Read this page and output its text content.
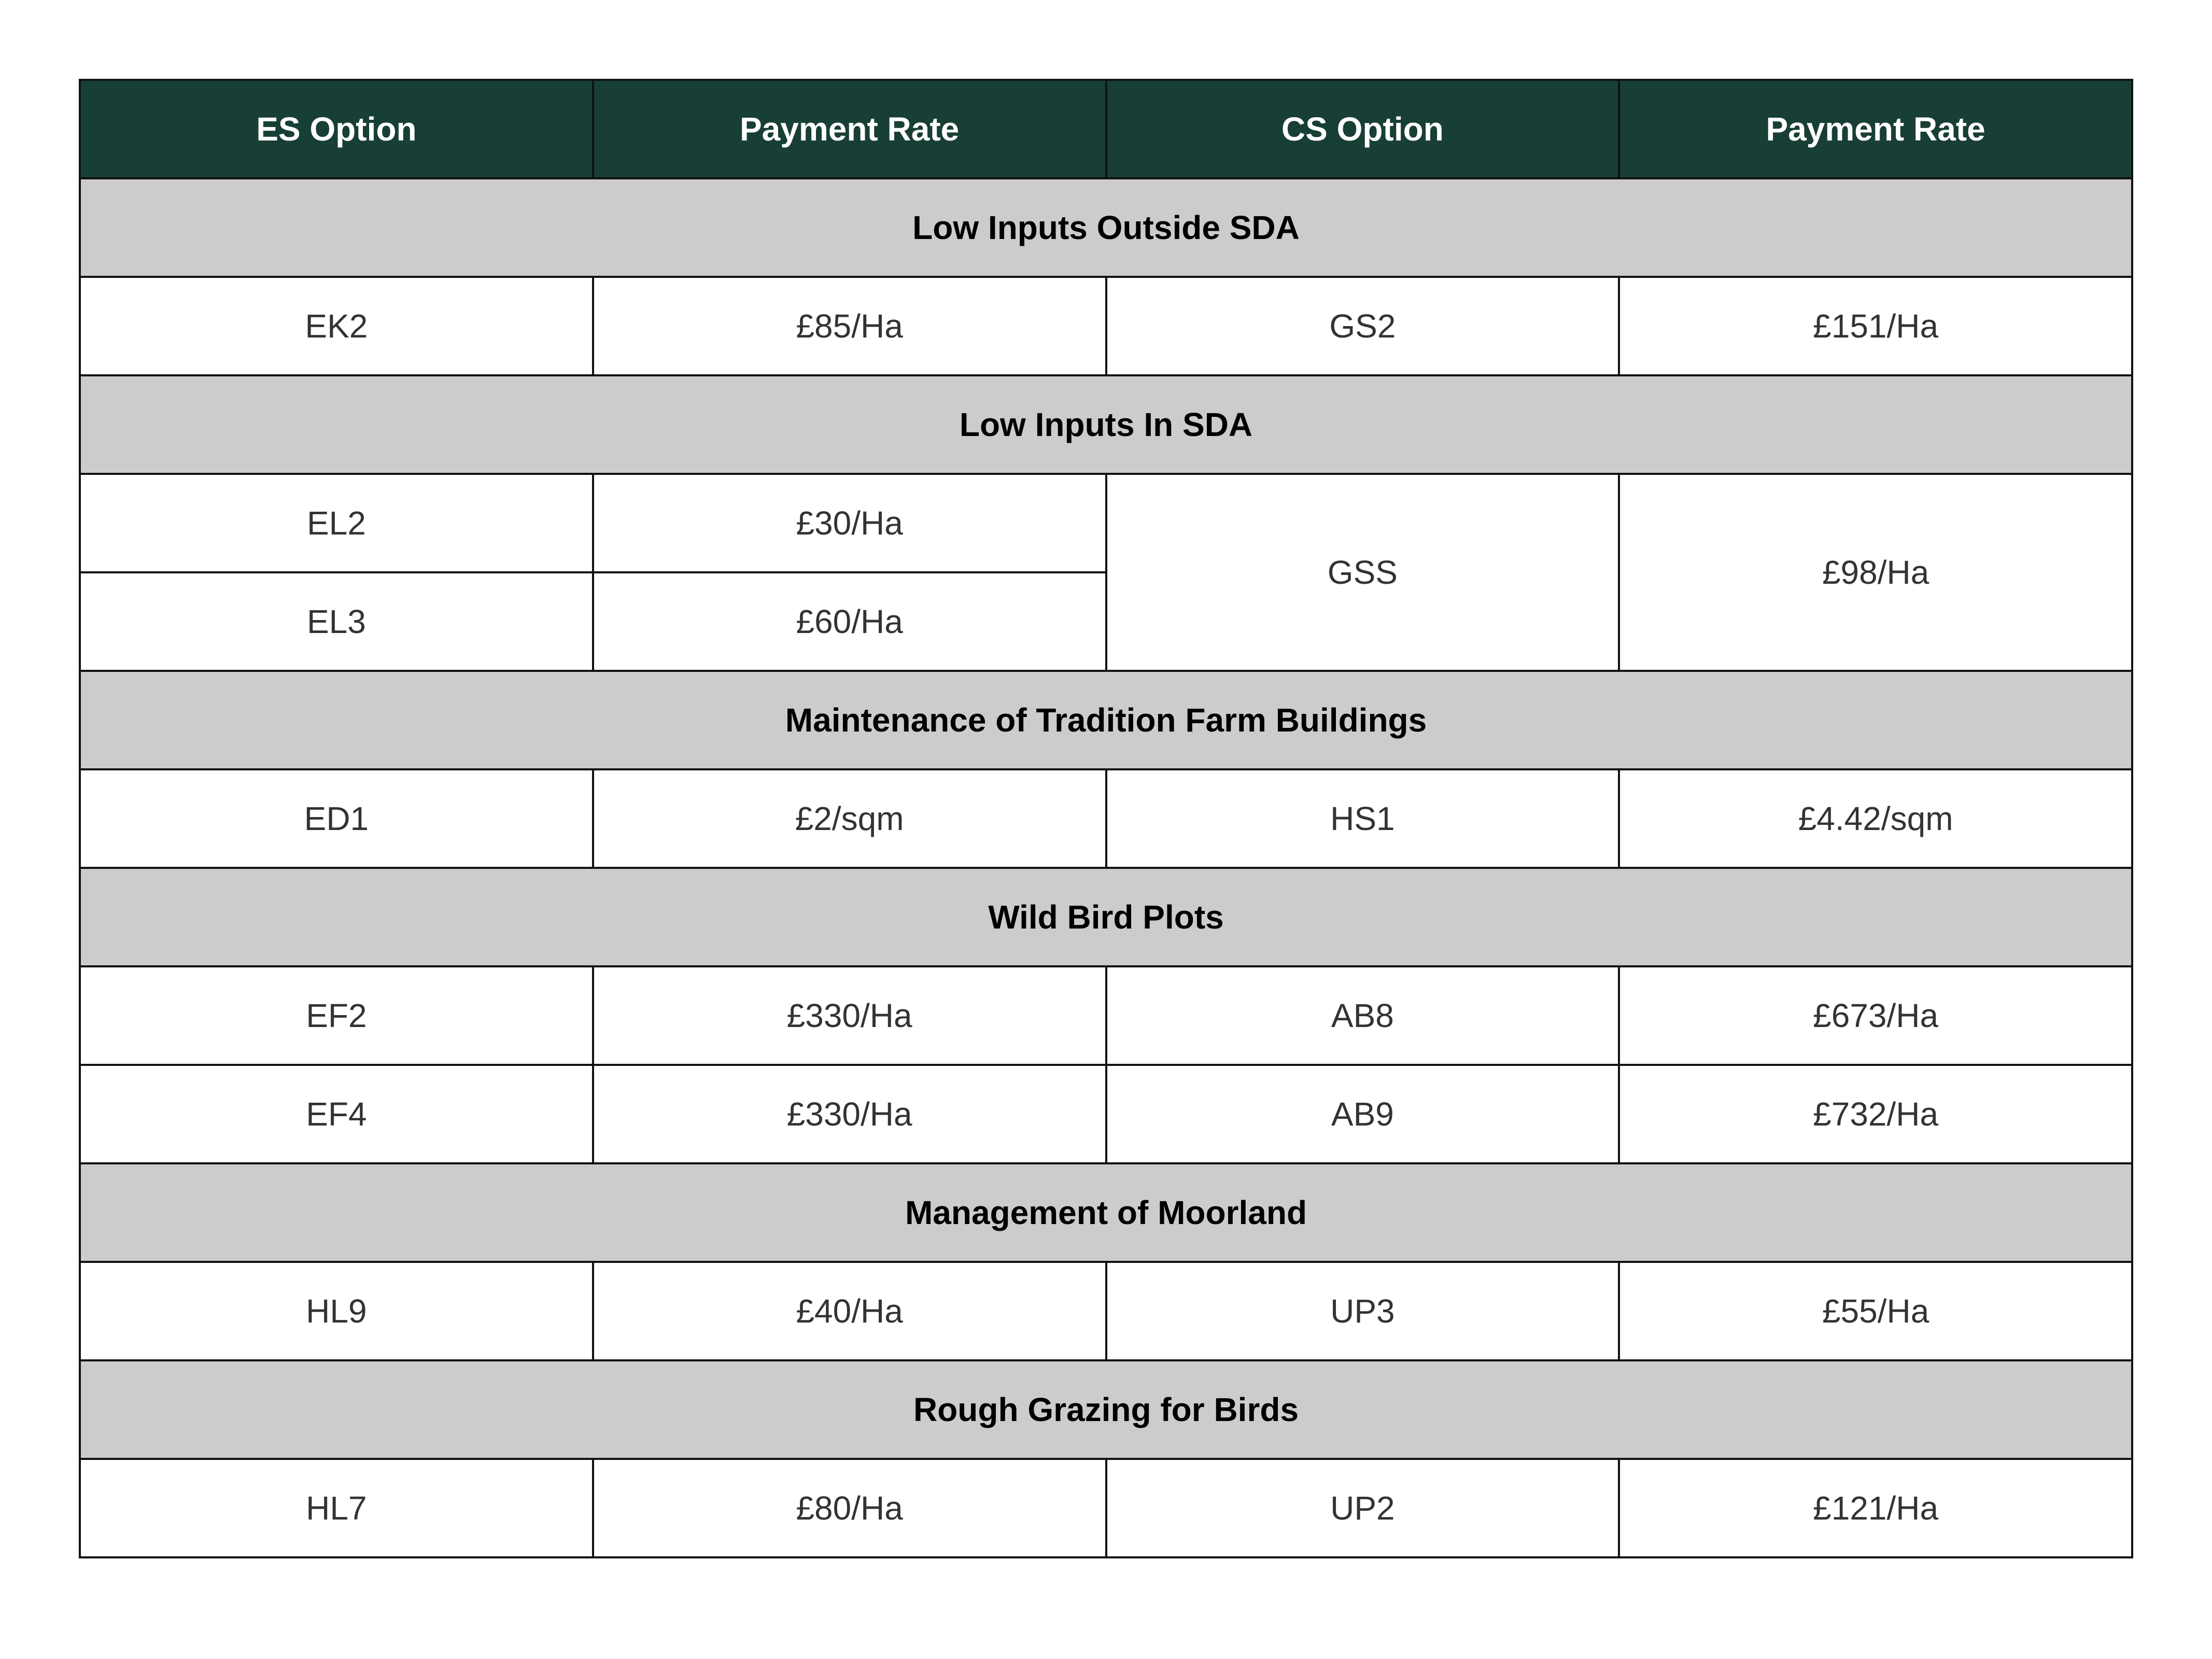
ES Option	Payment Rate	CS Option	Payment Rate
Low Inputs Outside SDA			
EK2	£85/Ha	GS2	£151/Ha
Low Inputs In SDA			
EL2	£30/Ha	GSS	£98/Ha
EL3	£60/Ha		
Maintenance of Tradition Farm Buildings			
ED1	£2/sqm	HS1	£4.42/sqm
Wild Bird Plots			
EF2	£330/Ha	AB8	£673/Ha
EF4	£330/Ha	AB9	£732/Ha
Management of Moorland			
HL9	£40/Ha	UP3	£55/Ha
Rough Grazing for Birds			
HL7	£80/Ha	UP2	£121/Ha
